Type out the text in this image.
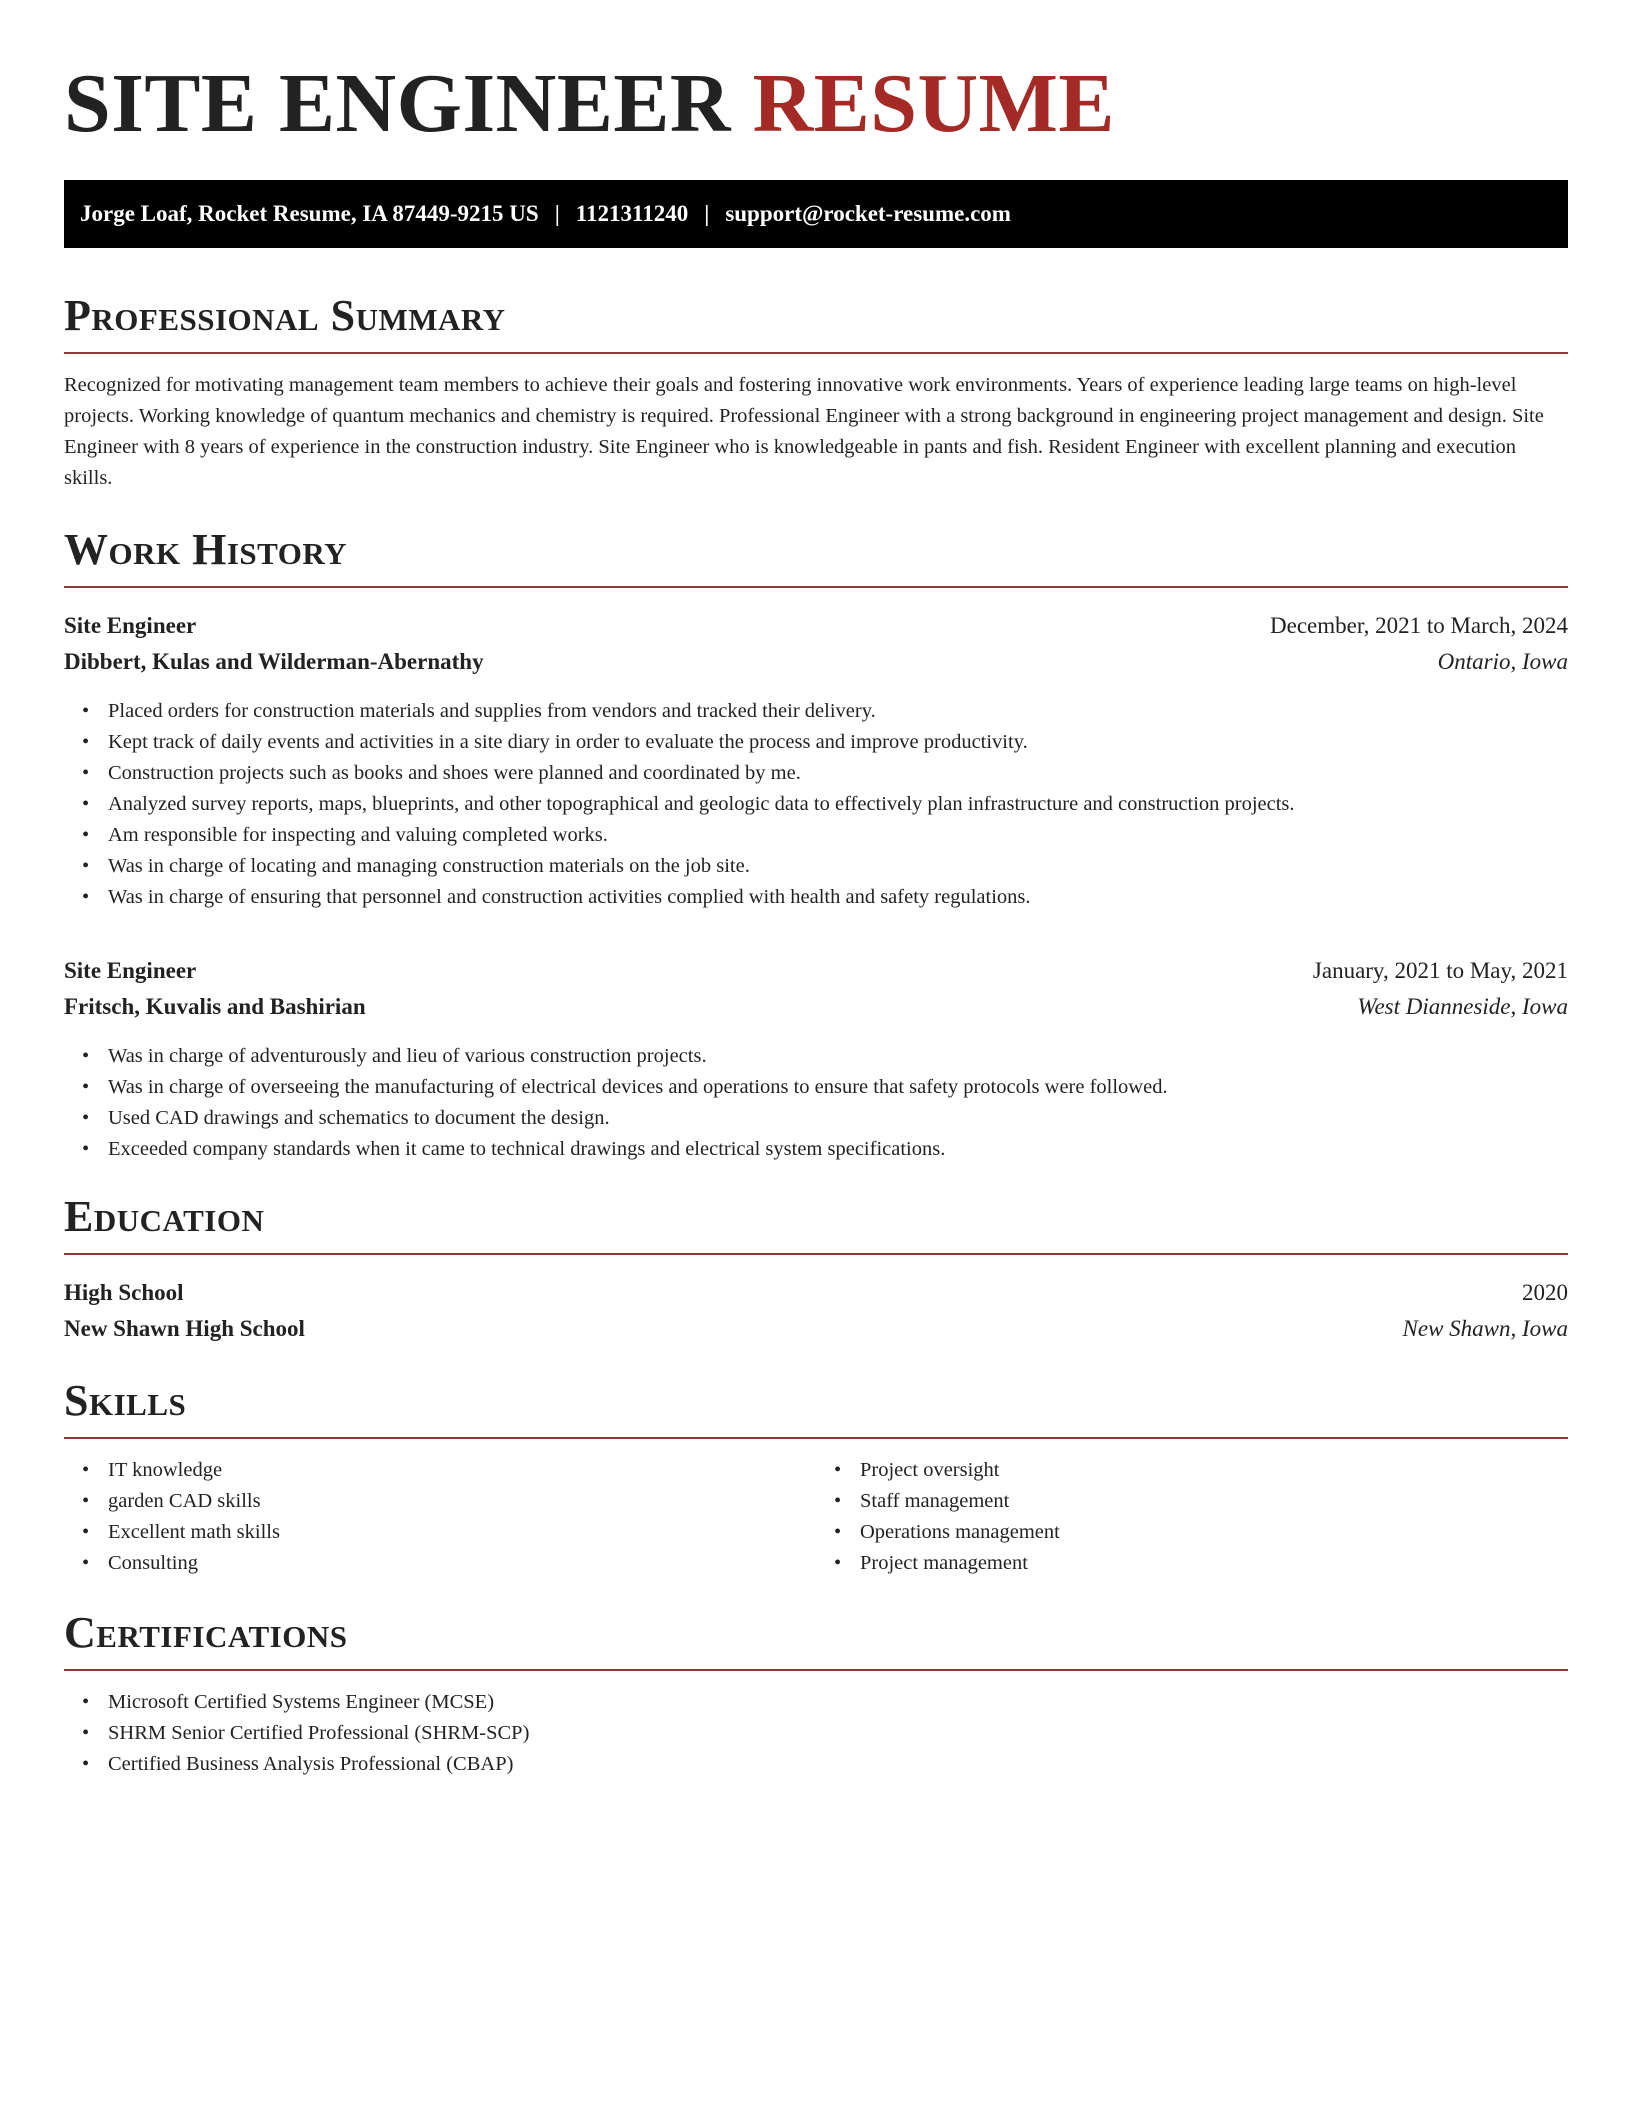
SITE ENGINEER RESUME
Jorge Loaf, Rocket Resume, IA 87449-9215 US | 1121311240 | support@rocket-resume.com
Professional Summary

Recognized for motivating management team members to achieve their goals and fostering innovative work environments. Years of experience leading large teams on high-level projects. Working knowledge of quantum mechanics and chemistry is required. Professional Engineer with a strong background in engineering project management and design. Site Engineer with 8 years of experience in the construction industry. Site Engineer who is knowledgeable in pants and fish. Resident Engineer with excellent planning and execution skills.

Work History
Site Engineer	December, 2021 to March, 2024
Dibbert, Kulas and Wilderman-Abernathy	Ontario, Iowa
• Placed orders for construction materials and supplies from vendors and tracked their delivery.
• Kept track of daily events and activities in a site diary in order to evaluate the process and improve productivity.
• Construction projects such as books and shoes were planned and coordinated by me.
• Analyzed survey reports, maps, blueprints, and other topographical and geologic data to effectively plan infrastructure and construction projects.
• Am responsible for inspecting and valuing completed works.
• Was in charge of locating and managing construction materials on the job site.
• Was in charge of ensuring that personnel and construction activities complied with health and safety regulations.
Site Engineer	January, 2021 to May, 2021
Fritsch, Kuvalis and Bashirian	West Dianneside, Iowa
• Was in charge of adventurously and lieu of various construction projects.
• Was in charge of overseeing the manufacturing of electrical devices and operations to ensure that safety protocols were followed.
• Used CAD drawings and schematics to document the design.
• Exceeded company standards when it came to technical drawings and electrical system specifications.
Education
High School	2020
New Shawn High School	New Shawn, Iowa
Skills
• IT knowledge
• garden CAD skills
• Excellent math skills
• Consulting
• Project oversight
• Staff management
• Operations management
• Project management
Certifications
• Microsoft Certified Systems Engineer (MCSE)
• SHRM Senior Certified Professional (SHRM-SCP)
• Certified Business Analysis Professional (CBAP)
